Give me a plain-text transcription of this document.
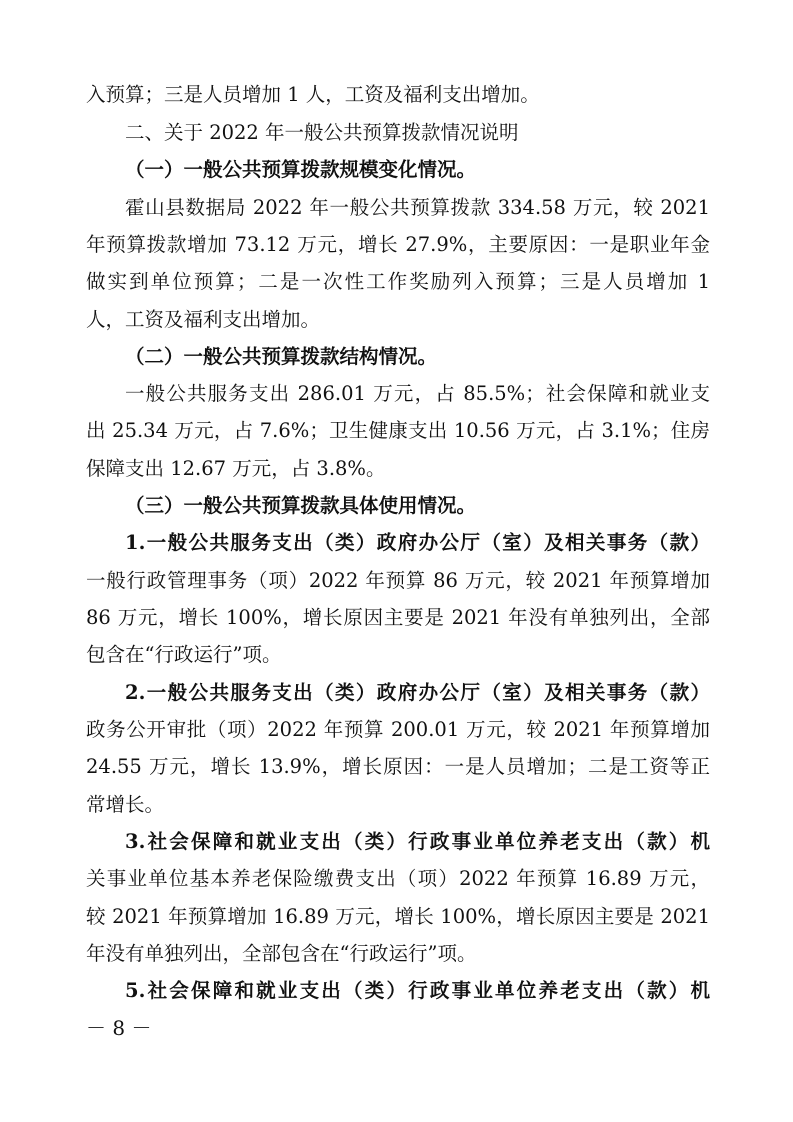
入预算；三是人员增加 1 人，工资及福利支出增加。
二、关于 2022 年一般公共预算拨款情况说明
（一）一般公共预算拨款规模变化情况。
霍山县数据局 2022 年一般公共预算拨款 334.58 万元，较 2021
年预算拨款增加 73.12 万元，增长 27.9%，主要原因：一是职业年金
做实到单位预算；二是一次性工作奖励列入预算；三是人员增加 1
人，工资及福利支出增加。
（二）一般公共预算拨款结构情况。
一般公共服务支出 286.01 万元，占 85.5%；社会保障和就业支
出 25.34 万元，占 7.6%；卫生健康支出 10.56 万元，占 3.1%；住房
保障支出 12.67 万元，占 3.8%。
（三）一般公共预算拨款具体使用情况。
1.一般公共服务支出（类）政府办公厅（室）及相关事务（款）
一般行政管理事务（项）2022 年预算 86 万元，较 2021 年预算增加
86 万元，增长 100%，增长原因主要是 2021 年没有单独列出，全部
包含在“行政运行”项。
2.一般公共服务支出（类）政府办公厅（室）及相关事务（款）
政务公开审批（项）2022 年预算 200.01 万元，较 2021 年预算增加
24.55 万元，增长 13.9%，增长原因：一是人员增加；二是工资等正
常增长。
3.社会保障和就业支出（类）行政事业单位养老支出（款）机
关事业单位基本养老保险缴费支出（项）2022 年预算 16.89 万元，
较 2021 年预算增加 16.89 万元，增长 100%，增长原因主要是 2021
年没有单独列出，全部包含在“行政运行”项。
5.社会保障和就业支出（类）行政事业单位养老支出（款）机
－ 8 －
